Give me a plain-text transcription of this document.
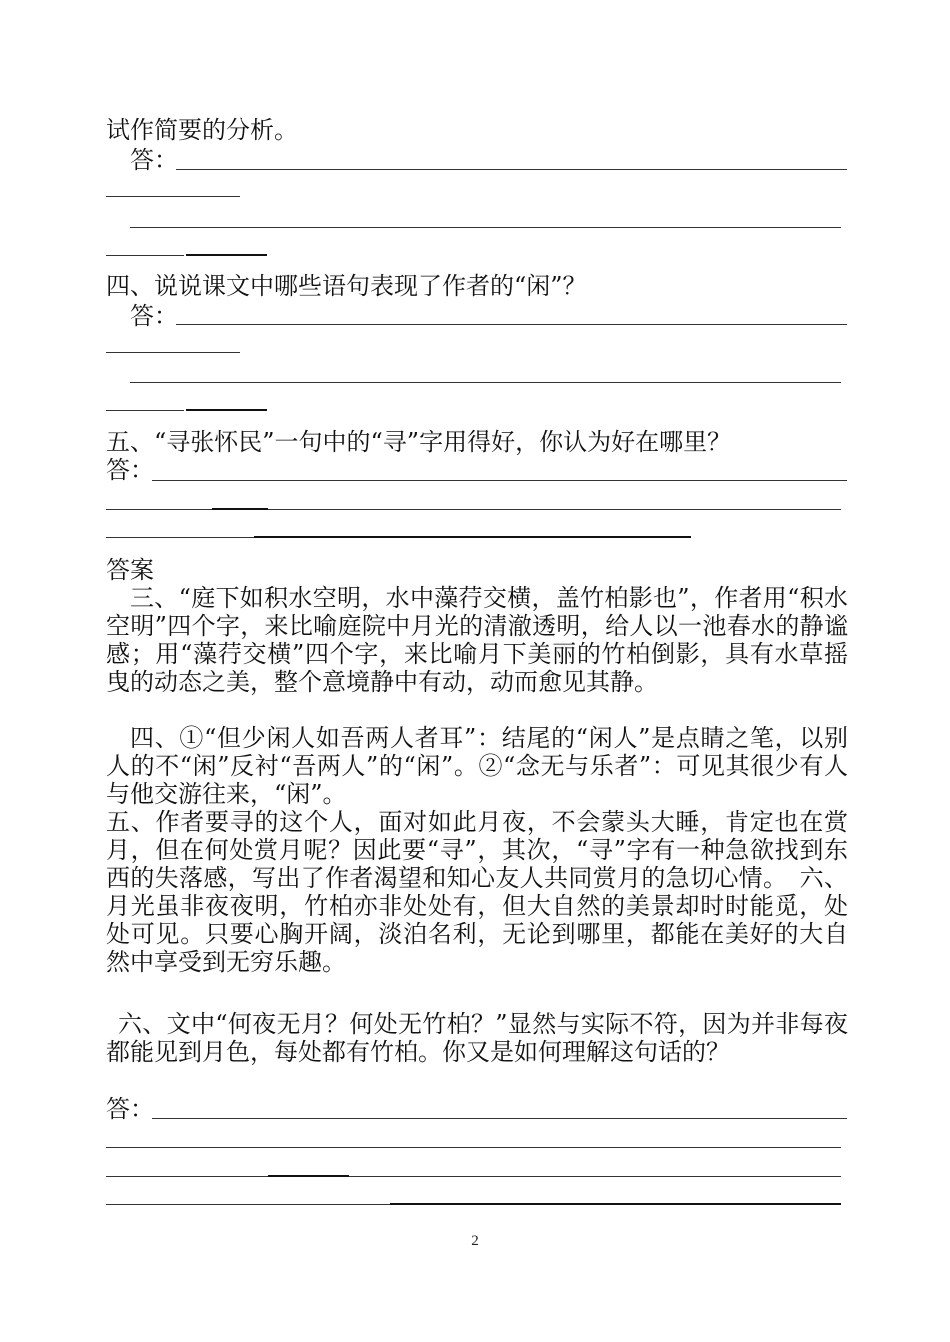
试作简要的分析。
答：
四、说说课文中哪些语句表现了作者的“闲”？
答：
五、“寻张怀民”一句中的“寻”字用得好，你认为好在哪里？
答：
答案
三、“庭下如积水空明，水中藻荇交横，盖竹柏影也”，作者用“积水空明”四个字，来比喻庭院中月光的清澈透明，给人以一池春水的静谧感；用“藻荇交横”四个字，来比喻月下美丽的竹柏倒影，具有水草摇曳的动态之美，整个意境静中有动，动而愈见其静。
四、①“但少闲人如吾两人者耳”：结尾的“闲人”是点睛之笔，以别人的不“闲”反衬“吾两人”的“闲”。②“念无与乐者”：可见其很少有人与他交游往来，“闲”。
五、作者要寻的这个人，面对如此月夜，不会蒙头大睡，肯定也在赏月，但在何处赏月呢？因此要“寻”，其次，“寻”字有一种急欲找到东西的失落感，写出了作者渴望和知心友人共同赏月的急切心情。　六、月光虽非夜夜明，竹柏亦非处处有，但大自然的美景却时时能觅，处处可见。只要心胸开阔，淡泊名利，无论到哪里，都能在美好的大自然中享受到无穷乐趣。
六、文中“何夜无月？何处无竹柏？”显然与实际不符，因为并非每夜都能见到月色，每处都有竹柏。你又是如何理解这句话的？
答：
2
